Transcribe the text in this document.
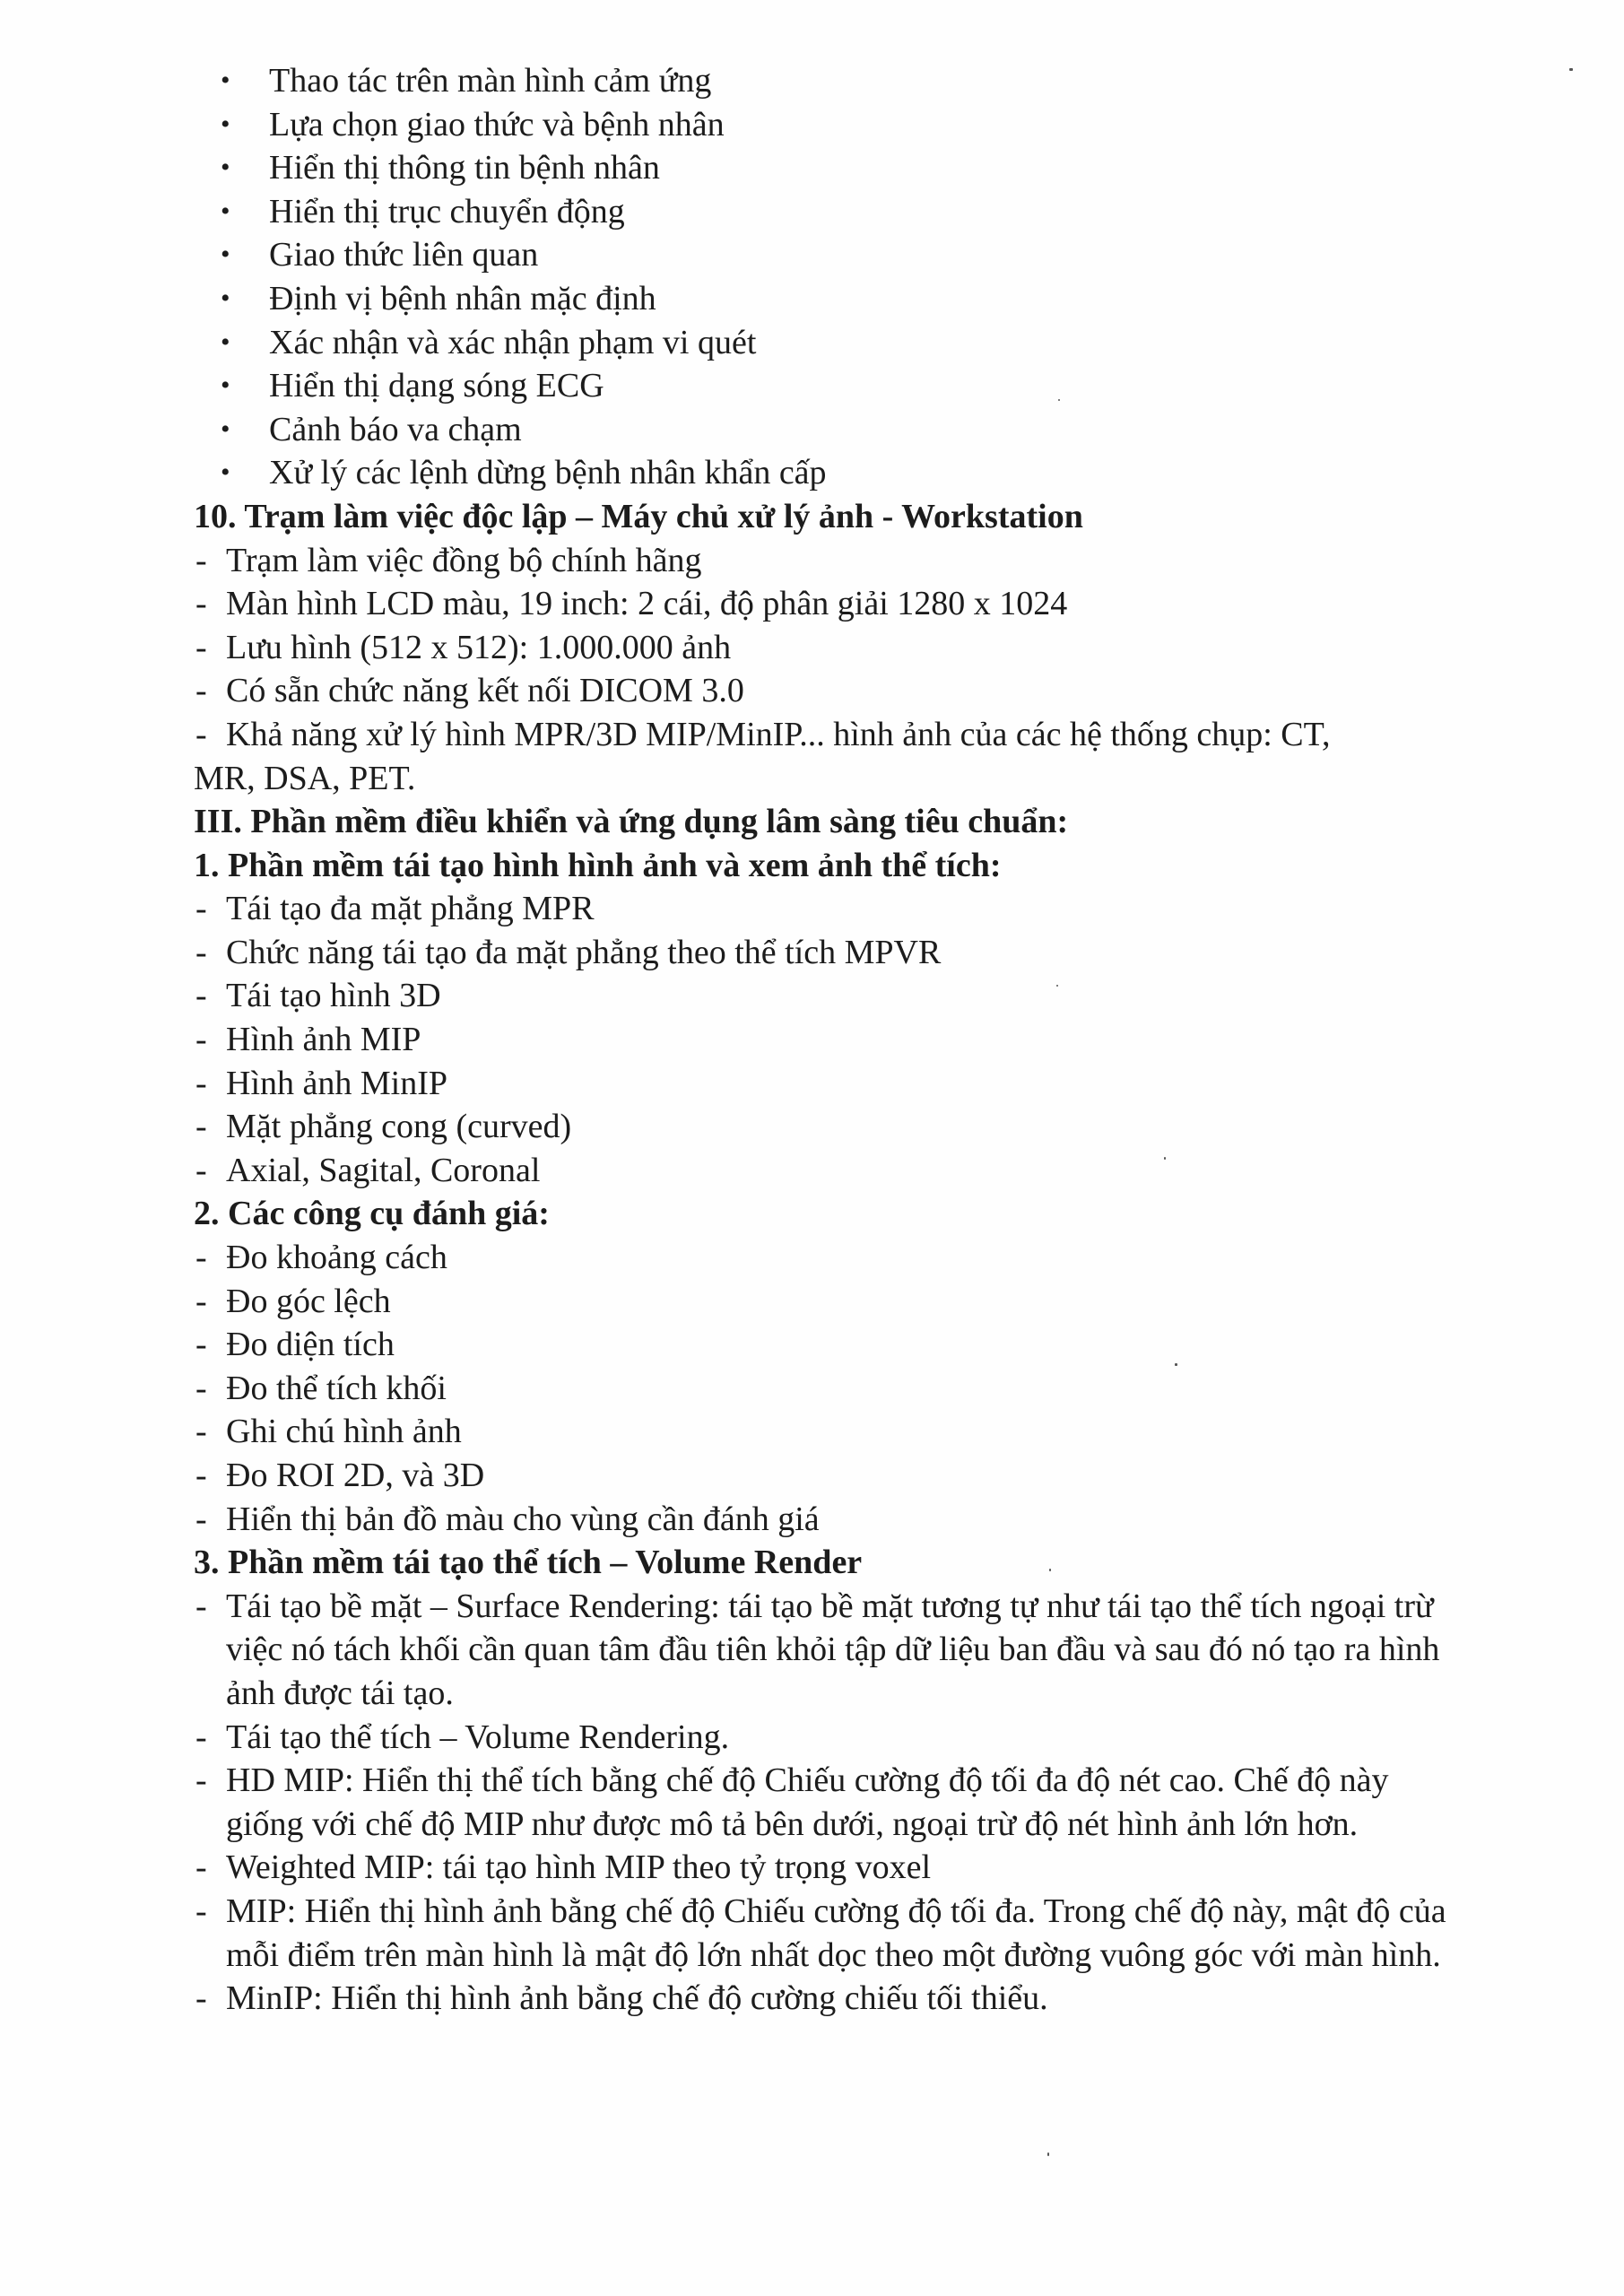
• Thao tác trên màn hình cảm ứng
• Lựa chọn giao thức và bệnh nhân
• Hiển thị thông tin bệnh nhân
• Hiển thị trục chuyển động
• Giao thức liên quan
• Định vị bệnh nhân mặc định
• Xác nhận và xác nhận phạm vi quét
• Hiển thị dạng sóng ECG
• Cảnh báo va chạm
• Xử lý các lệnh dừng bệnh nhân khẩn cấp
10. Trạm làm việc độc lập – Máy chủ xử lý ảnh - Workstation
- Trạm làm việc đồng bộ chính hãng
- Màn hình LCD màu, 19 inch: 2 cái, độ phân giải 1280 x 1024
- Lưu hình (512 x 512): 1.000.000 ảnh
- Có sẵn chức năng kết nối DICOM 3.0
- Khả năng xử lý hình MPR/3D MIP/MinIP... hình ảnh của các hệ thống chụp: CT,
MR, DSA, PET.
III. Phần mềm điều khiển và ứng dụng lâm sàng tiêu chuẩn:
1. Phần mềm tái tạo hình hình ảnh và xem ảnh thể tích:
- Tái tạo đa mặt phẳng MPR
- Chức năng tái tạo đa mặt phẳng theo thể tích MPVR
- Tái tạo hình 3D
- Hình ảnh MIP
- Hình ảnh MinIP
- Mặt phẳng cong (curved)
- Axial, Sagital, Coronal
2. Các công cụ đánh giá:
- Đo khoảng cách
- Đo góc lệch
- Đo diện tích
- Đo thể tích khối
- Ghi chú hình ảnh
- Đo ROI 2D, và 3D
- Hiển thị bản đồ màu cho vùng cần đánh giá
3. Phần mềm tái tạo thể tích – Volume Render
- Tái tạo bề mặt – Surface Rendering: tái tạo bề mặt tương tự như tái tạo thể tích ngoại trừ việc nó tách khối cần quan tâm đầu tiên khỏi tập dữ liệu ban đầu và sau đó nó tạo ra hình ảnh được tái tạo.
- Tái tạo thể tích – Volume Rendering.
- HD MIP: Hiển thị thể tích bằng chế độ Chiếu cường độ tối đa độ nét cao. Chế độ này giống với chế độ MIP như được mô tả bên dưới, ngoại trừ độ nét hình ảnh lớn hơn.
- Weighted MIP: tái tạo hình MIP theo tỷ trọng voxel
- MIP: Hiển thị hình ảnh bằng chế độ Chiếu cường độ tối đa. Trong chế độ này, mật độ của mỗi điểm trên màn hình là mật độ lớn nhất dọc theo một đường vuông góc với màn hình.
- MinIP: Hiển thị hình ảnh bằng chế độ cường chiếu tối thiểu.
